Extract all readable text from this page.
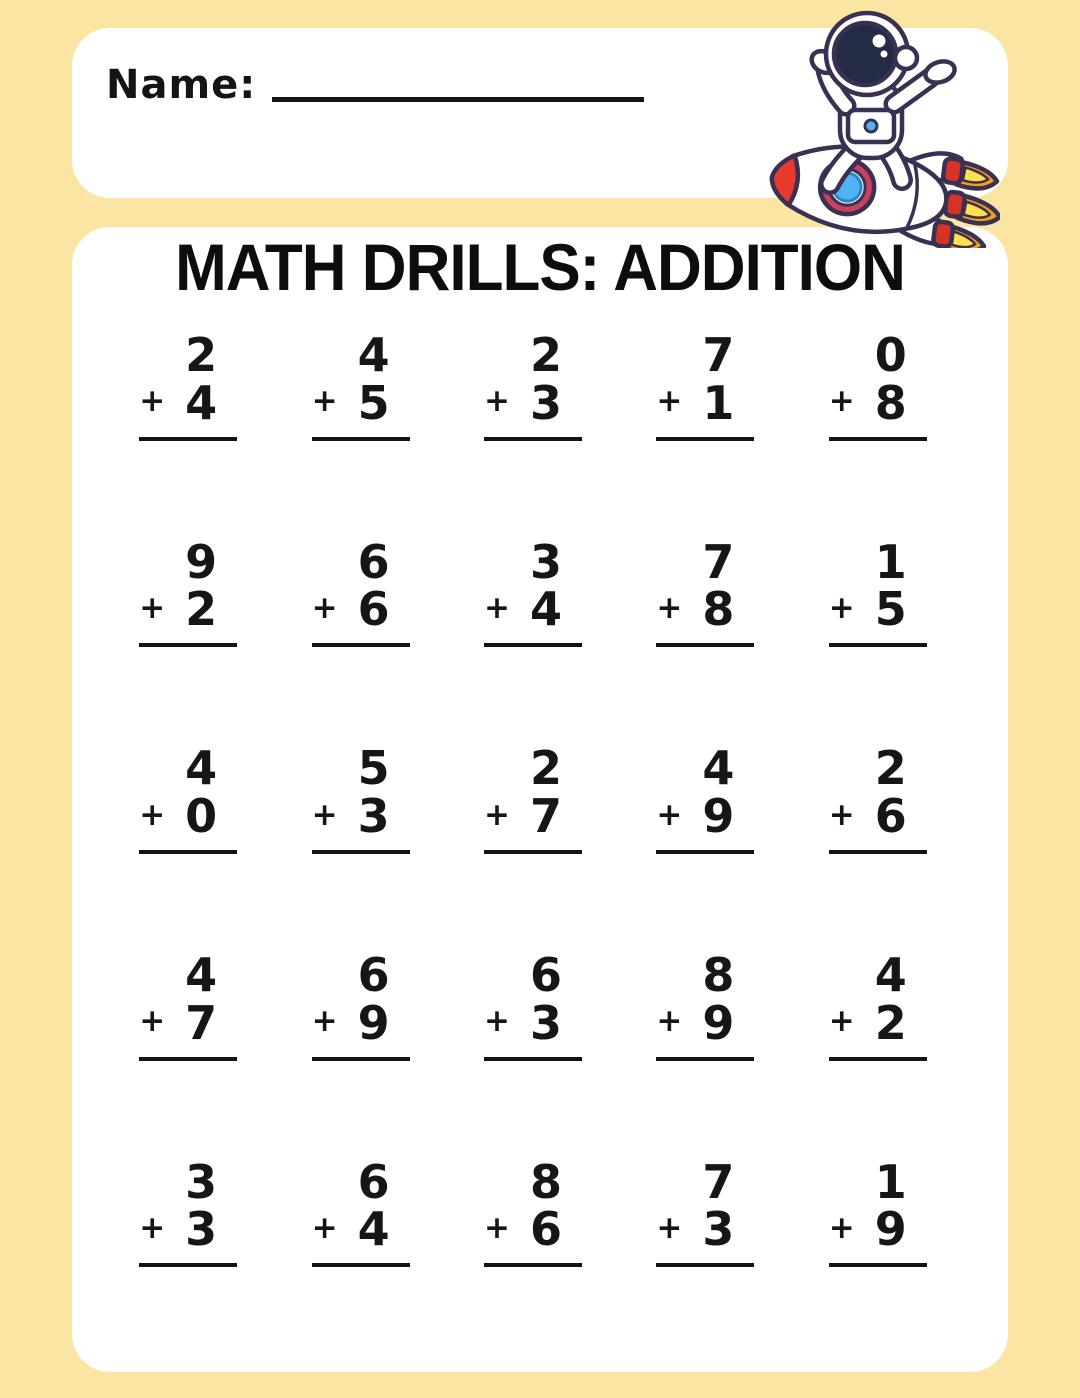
Name:
MATH DRILLS: ADDITION
2
+ 4
4
+ 5
2
+ 3
7
+ 1
0
+ 8
9
+ 2
6
+ 6
3
+ 4
7
+ 8
1
+ 5
4
+ 0
5
+ 3
2
+ 7
4
+ 9
2
+ 6
4
+ 7
6
+ 9
6
+ 3
8
+ 9
4
+ 2
3
+ 3
6
+ 4
8
+ 6
7
+ 3
1
+ 9
